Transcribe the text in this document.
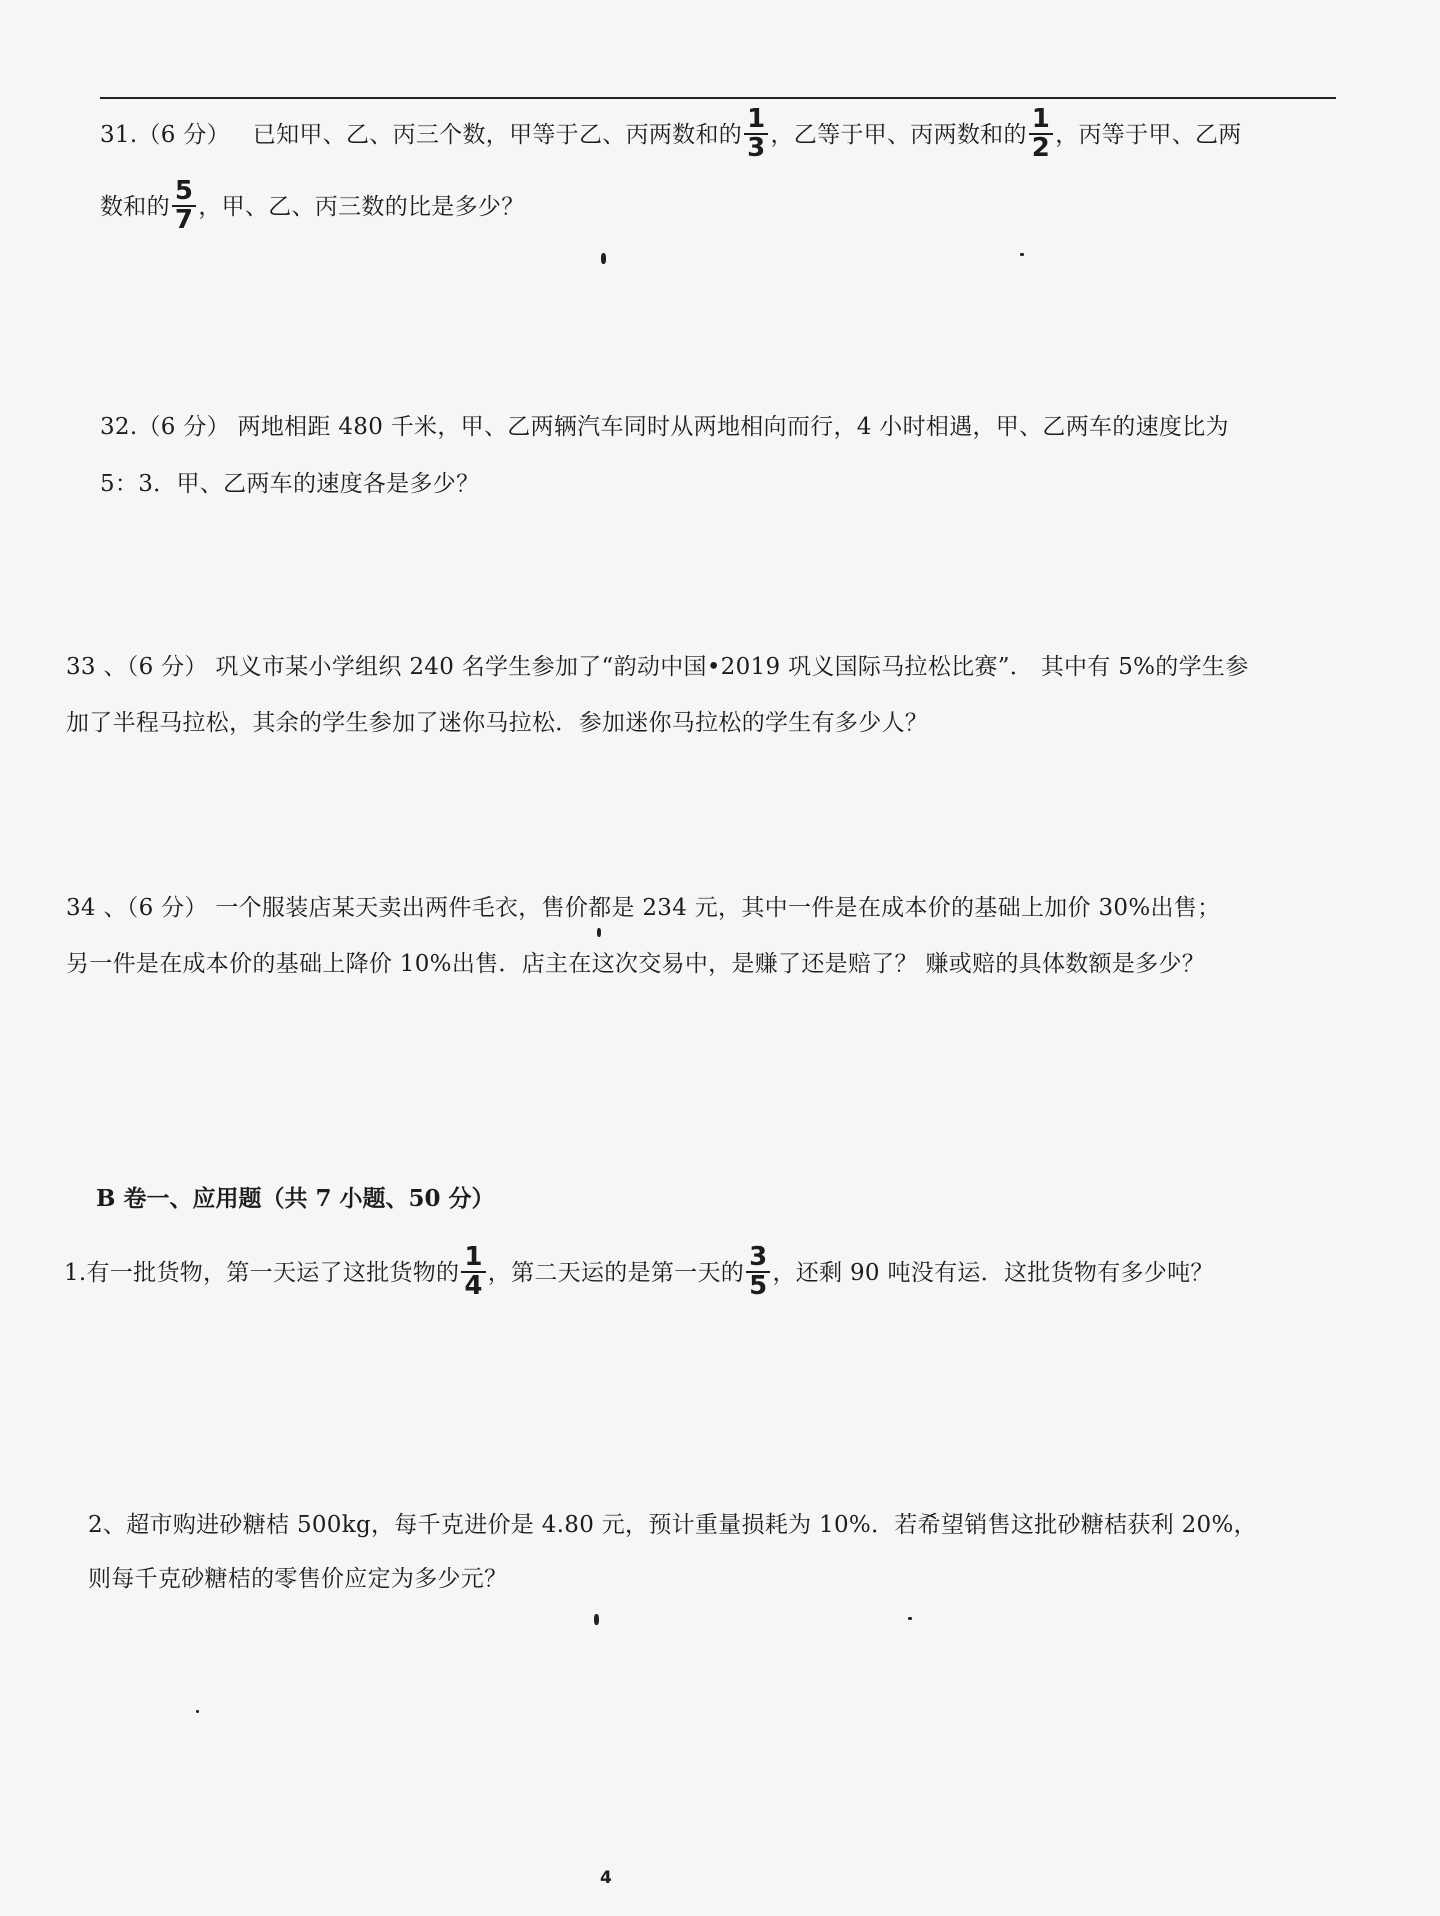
31.（6 分） 已知甲、乙、丙三个数，甲等于乙、丙两数和的 $\frac{1}{3}$ ，乙等于甲、丙两数和的 $\frac{1}{2}$ ，丙等于甲、乙两
数和的 $\frac{5}{7}$ ，甲、乙、丙三数的比是多少？
32.（6 分） 两地相距 480 千米，甲、乙两辆汽车同时从两地相向而行，4 小时相遇，甲、乙两车的速度比为
5：3．甲、乙两车的速度各是多少？
33 、（6 分） 巩义市某小学组织 240 名学生参加了“韵动中国•2019 巩义国际马拉松比赛”． 其中有 5%的学生参
加了半程马拉松，其余的学生参加了迷你马拉松．参加迷你马拉松的学生有多少人？
34 、（6 分） 一个服装店某天卖出两件毛衣，售价都是 234 元，其中一件是在成本价的基础上加价 30%出售；
另一件是在成本价的基础上降价 10%出售．店主在这次交易中，是赚了还是赔了？ 赚或赔的具体数额是多少？
B 卷一、应用题（共 7 小题、50 分）
1.有一批货物，第一天运了这批货物的 $\frac{1}{4}$ ，第二天运的是第一天的 $\frac{3}{5}$ ，还剩 90 吨没有运．这批货物有多少吨？
2、超市购进砂糖桔 500kg，每千克进价是 4.80 元，预计重量损耗为 10%．若希望销售这批砂糖桔获利 20%，
则每千克砂糖桔的零售价应定为多少元？
4
